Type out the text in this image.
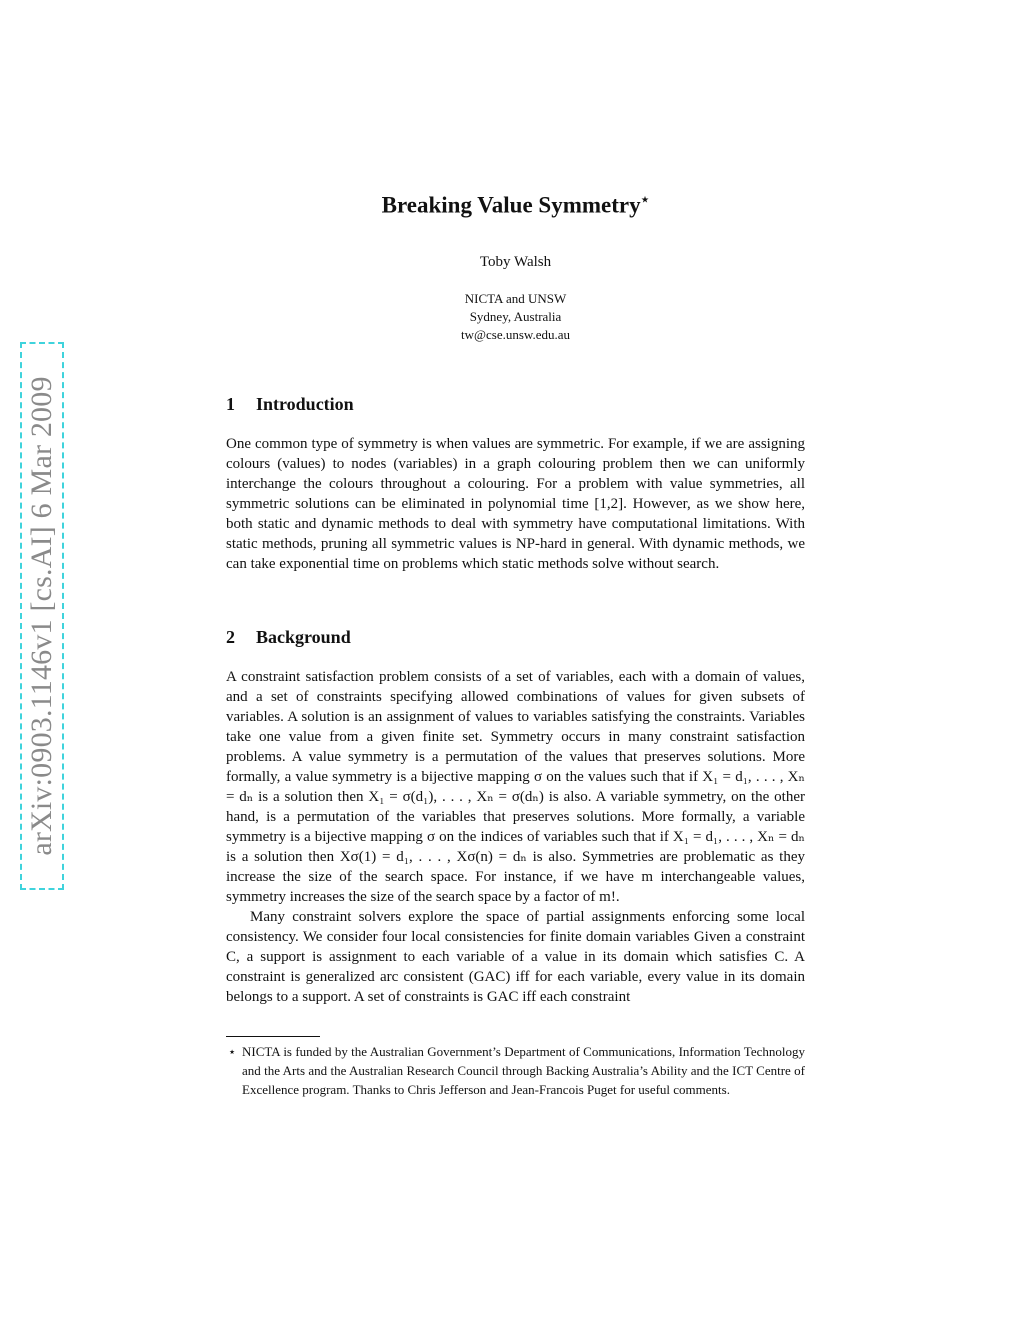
arXiv:0903.1146v1 [cs.AI] 6 Mar 2009
Breaking Value Symmetry⋆
Toby Walsh
NICTA and UNSW
Sydney, Australia
tw@cse.unsw.edu.au
1 Introduction

One common type of symmetry is when values are symmetric. For example, if we are assigning colours (values) to nodes (variables) in a graph colouring problem then we can uniformly interchange the colours throughout a colouring. For a problem with value symmetries, all symmetric solutions can be eliminated in polynomial time [1,2]. However, as we show here, both static and dynamic methods to deal with symmetry have computational limitations. With static methods, pruning all symmetric values is NP-hard in general. With dynamic methods, we can take exponential time on problems which static methods solve without search.

2 Background

A constraint satisfaction problem consists of a set of variables, each with a domain of values, and a set of constraints specifying allowed combinations of values for given subsets of variables. A solution is an assignment of values to variables satisfying the constraints. Variables take one value from a given finite set. Symmetry occurs in many constraint satisfaction problems. A value symmetry is a permutation of the values that preserves solutions. More formally, a value symmetry is a bijective mapping σ on the values such that if X₁ = d₁, . . . , Xₙ = dₙ is a solution then X₁ = σ(d₁), . . . , Xₙ = σ(dₙ) is also. A variable symmetry, on the other hand, is a permutation of the variables that preserves solutions. More formally, a variable symmetry is a bijective mapping σ on the indices of variables such that if X₁ = d₁, . . . , Xₙ = dₙ is a solution then Xσ(1) = d₁, . . . , Xσ(n) = dₙ is also. Symmetries are problematic as they increase the size of the search space. For instance, if we have m interchangeable values, symmetry increases the size of the search space by a factor of m!.

Many constraint solvers explore the space of partial assignments enforcing some local consistency. We consider four local consistencies for finite domain variables Given a constraint C, a support is assignment to each variable of a value in its domain which satisfies C. A constraint is generalized arc consistent (GAC) iff for each variable, every value in its domain belongs to a support. A set of constraints is GAC iff each constraint

⋆ NICTA is funded by the Australian Government’s Department of Communications, Information Technology and the Arts and the Australian Research Council through Backing Australia’s Ability and the ICT Centre of Excellence program. Thanks to Chris Jefferson and Jean-Francois Puget for useful comments.
